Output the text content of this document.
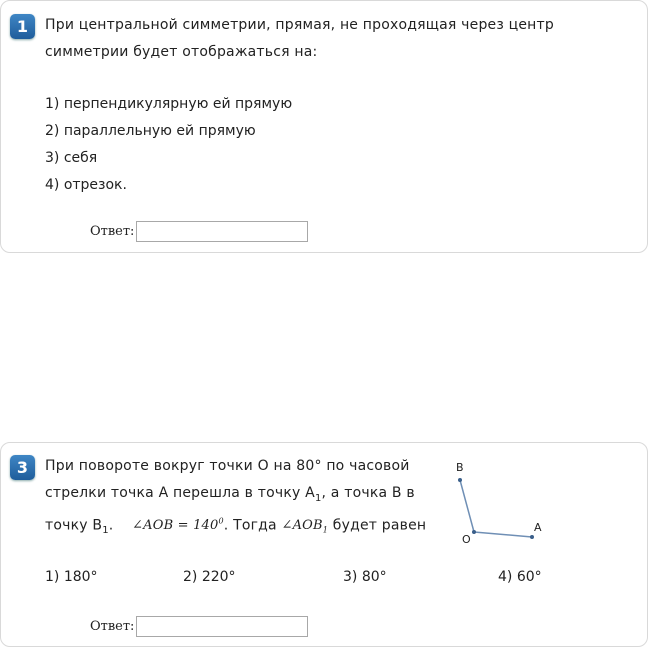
1	При центральной симметрии, прямая, не проходящая через центр
симметрии будет отображаться на:
1) перпендикулярную ей прямую
2) параллельную ей прямую
3) себя
4) отрезок.
Ответ:
3	При повороте вокруг точки О на 80° по часовой
стрелки точка А перешла в точку $А_1$, а точка В в
точку $В_1$. ∠AOB = $140^0$. Тогда $\angle AOB_1$ будет равен
В
О
A
1) 180°	2) 220°	3) 80°	4) 60°
Ответ:
